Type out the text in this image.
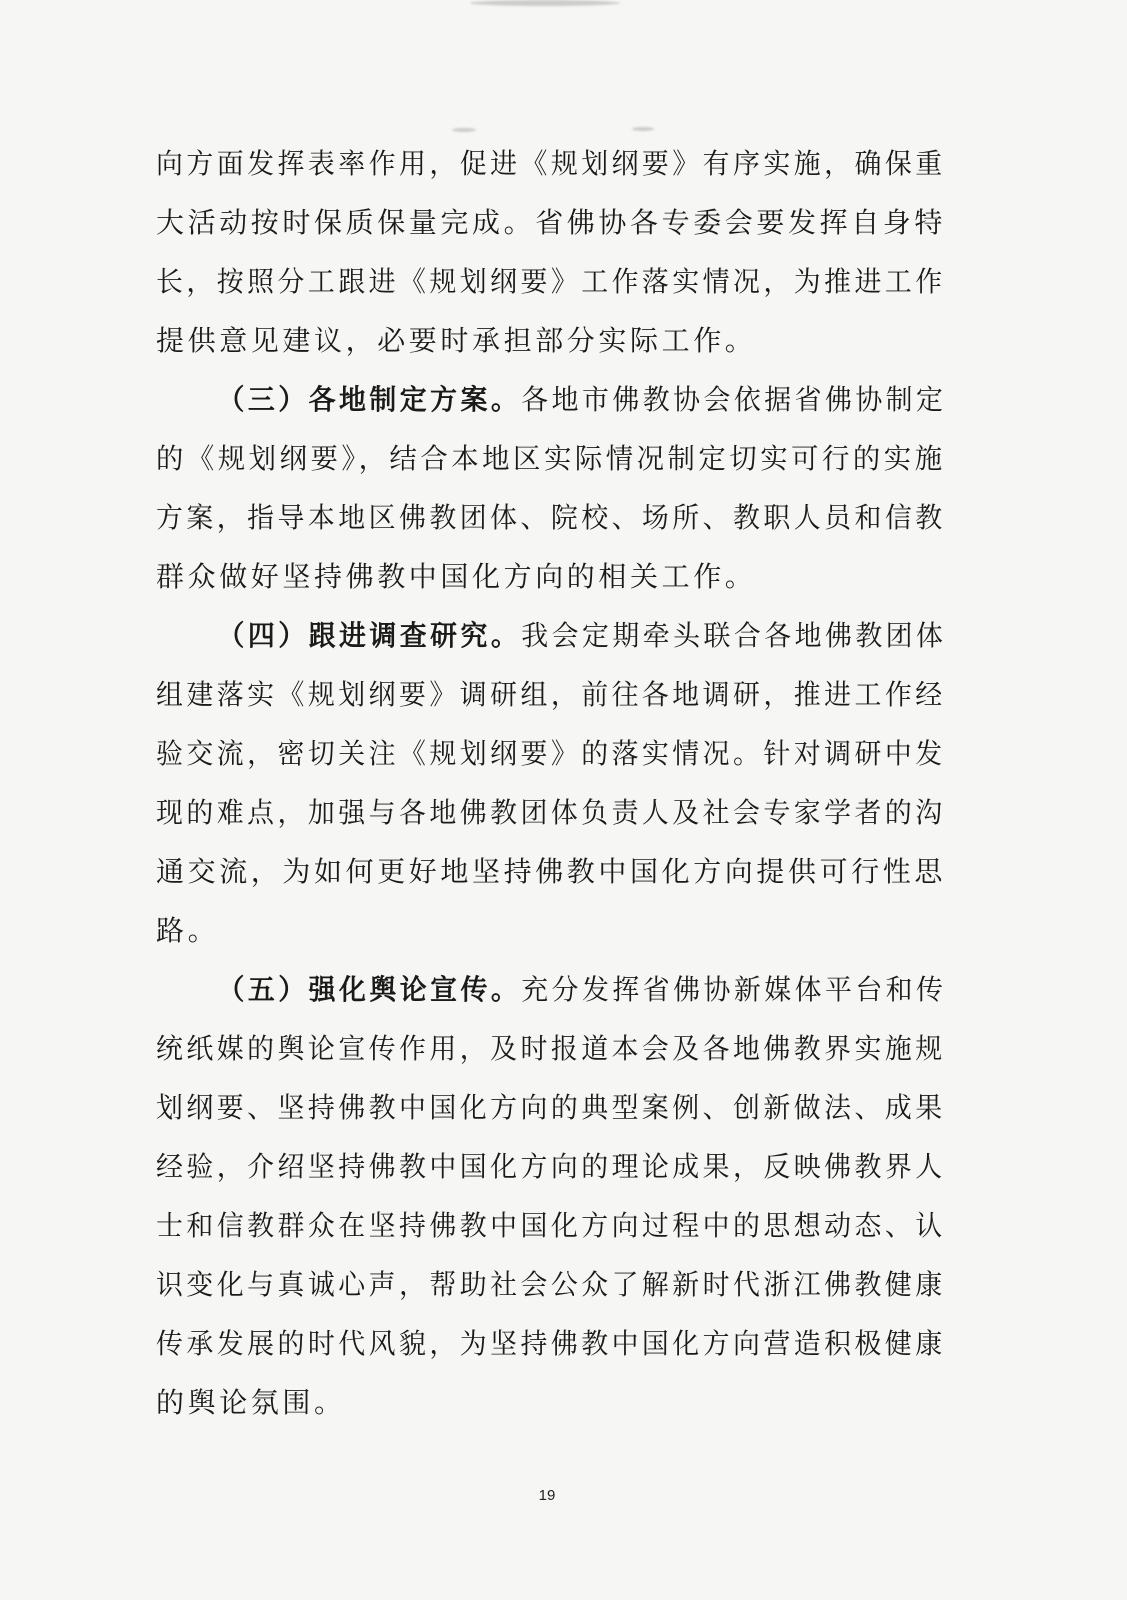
向方面发挥表率作用，促进《规划纲要》有序实施，确保重
大活动按时保质保量完成。省佛协各专委会要发挥自身特
长，按照分工跟进《规划纲要》工作落实情况，为推进工作
提供意见建议，必要时承担部分实际工作。
（三）各地制定方案。各地市佛教协会依据省佛协制定
的《规划纲要》，结合本地区实际情况制定切实可行的实施
方案，指导本地区佛教团体、院校、场所、教职人员和信教
群众做好坚持佛教中国化方向的相关工作。
（四）跟进调查研究。我会定期牵头联合各地佛教团体
组建落实《规划纲要》调研组，前往各地调研，推进工作经
验交流，密切关注《规划纲要》的落实情况。针对调研中发
现的难点，加强与各地佛教团体负责人及社会专家学者的沟
通交流，为如何更好地坚持佛教中国化方向提供可行性思
路。
（五）强化舆论宣传。充分发挥省佛协新媒体平台和传
统纸媒的舆论宣传作用，及时报道本会及各地佛教界实施规
划纲要、坚持佛教中国化方向的典型案例、创新做法、成果
经验，介绍坚持佛教中国化方向的理论成果，反映佛教界人
士和信教群众在坚持佛教中国化方向过程中的思想动态、认
识变化与真诚心声，帮助社会公众了解新时代浙江佛教健康
传承发展的时代风貌，为坚持佛教中国化方向营造积极健康
的舆论氛围。
19
